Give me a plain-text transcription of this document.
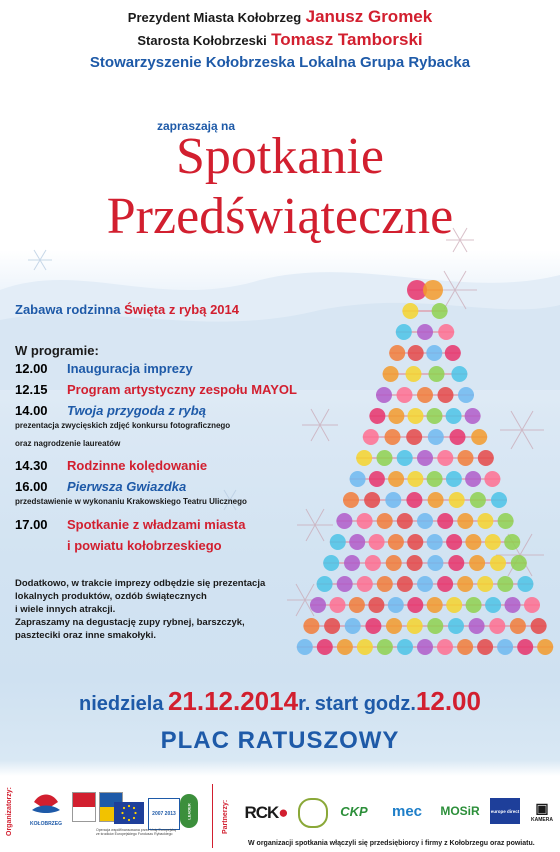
Prezydent Miasta Kołobrzeg Janusz Gromek
Starosta Kołobrzeski Tomasz Tamborski
Stowarzyszenie Kołobrzeska Lokalna Grupa Rybacka
zapraszają na
Spotkanie
Przedświąteczne
Zabawa rodzinna Święta z rybą 2014
W programie:
12.00 Inauguracja imprezy
12.15 Program artystyczny zespołu MAYOL
14.00 Twoja przygoda z rybą
prezentacja zwycięskich zdjęć konkursu fotograficznego
oraz nagrodzenie laureatów
14.30 Rodzinne kolędowanie
16.00 Pierwsza Gwiazdka
przedstawienie w wykonaniu Krakowskiego Teatru Ulicznego
17.00 Spotkanie z władzami miasta
i powiatu kołobrzeskiego
Dodatkowo, w trakcie imprezy odbędzie się prezentacja
lokalnych produktów, ozdób świątecznych
i wiele innych atrakcji.
Zapraszamy na degustację zupy rybnej, barszczyk,
paszteciki oraz inne smakołyki.
niedziela 21.12.2014r. start godz.12.00
PLAC RATUSZOWY
Organizatorzy:	KOŁOBRZEG
2007 2013	LEADER
Operacja współfinansowana przez Unię Europejską ze środków Europejskiego Funduszu Rybackiego	Partnerzy: RCK ●	CKP mec MOSiR europe direct ▣
KAMERA
W organizacji spotkania włączyli się przedsiębiorcy i firmy z Kołobrzegu oraz powiatu.
